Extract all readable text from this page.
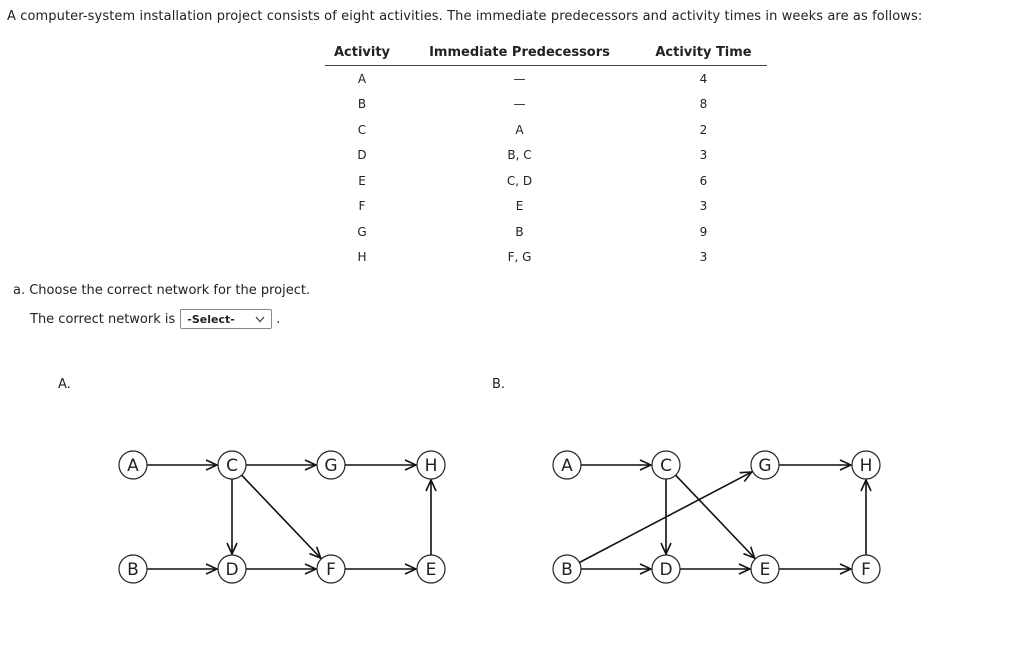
A computer-system installation project consists of eight activities. The immediate predecessors and activity times in weeks are as follows:
Activity	Immediate Predecessors	Activity Time
A	—	4
B	—	8
C	A	2
D	B, C	3
E	C, D	6
F	E	3
G	B	9
H	F, G	3
a. Choose the correct network for the project.
The correct network is -Select-	.
A.	B.
A	C	G	H
B	D	F	E
A	C	G	H
B	D	E	F
